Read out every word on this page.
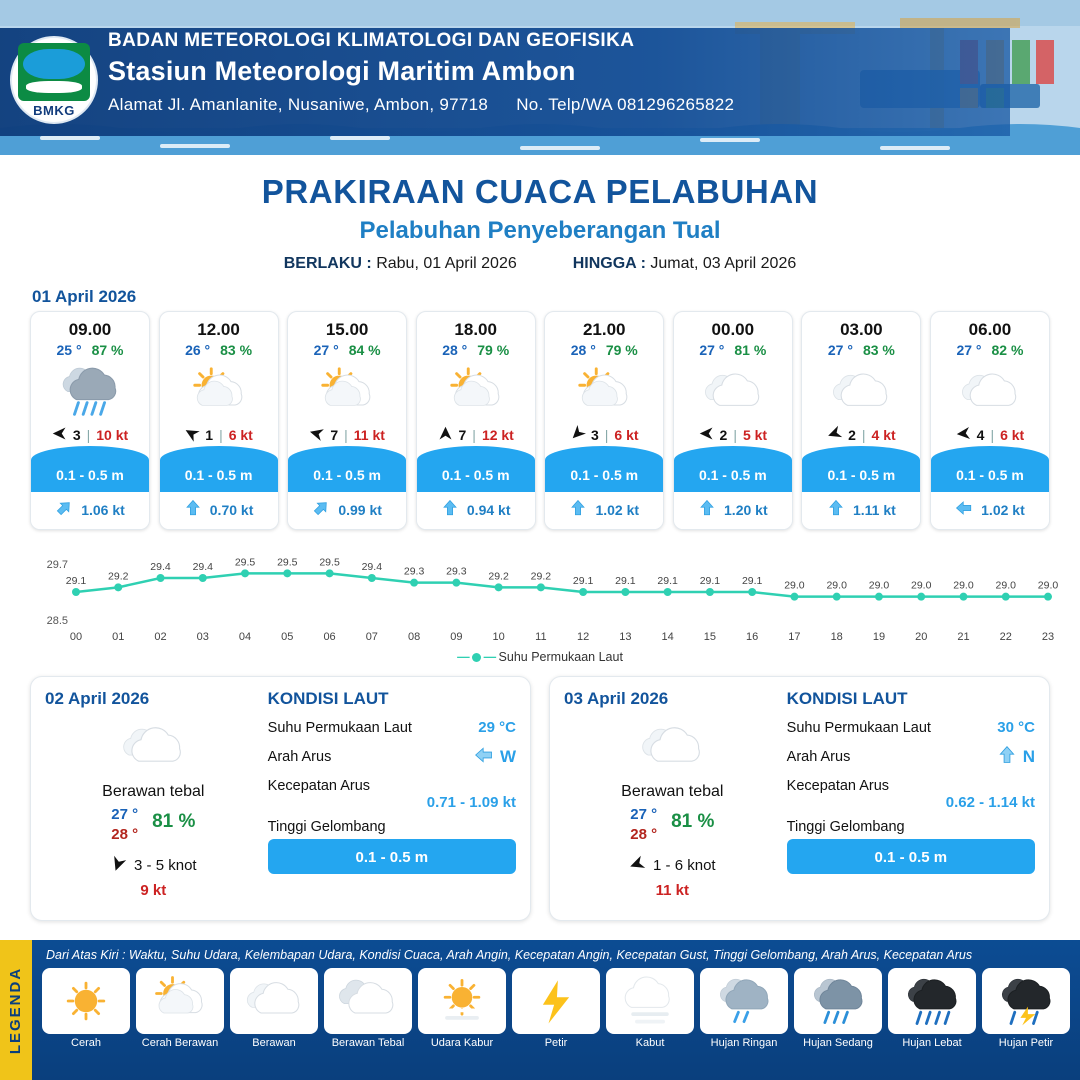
BMKG
BADAN METEOROLOGI KLIMATOLOGI DAN GEOFISIKA
Stasiun Meteorologi Maritim Ambon
Alamat Jl. Amanlanite, Nusaniwe, Ambon, 97718 No. Telp/WA 081296265822
PRAKIRAAN CUACA PELABUHAN
Pelabuhan Penyeberangan Tual
BERLAKU : Rabu, 01 April 2026	HINGGA : Jumat, 03 April 2026
01 April 2026
09.00
25 ° 87 %
3 | 10 kt
0.1 - 0.5 m
1.06 kt
12.00
26 ° 83 %
1 | 6 kt
0.1 - 0.5 m
0.70 kt
15.00
27 ° 84 %
7 | 11 kt
0.1 - 0.5 m
0.99 kt
18.00
28 ° 79 %
7 | 12 kt
0.1 - 0.5 m
0.94 kt
21.00
28 ° 79 %
3 | 6 kt
0.1 - 0.5 m
1.02 kt
00.00
27 ° 81 %
2 | 5 kt
0.1 - 0.5 m
1.20 kt
03.00
27 ° 83 %
2 | 4 kt
0.1 - 0.5 m
1.11 kt
06.00
27 ° 82 %
4 | 6 kt
0.1 - 0.5 m
1.02 kt
29.7
28.5
29.1
00
29.2
01
29.4
02
29.4
03
29.5
04
29.5
05
29.5
06
29.4
07
29.3
08
29.3
09
29.2
10
29.2
11
29.1
12
29.1
13
29.1
14
29.1
15
29.1
16
29.0
17
29.0
18
29.0
19
29.0
20
29.0
21
29.0
22
29.0
23
— — Suhu Permukaan Laut
02 April 2026
Berawan tebal
27 °
28 °
81 %
3 - 5 knot
9 kt
KONDISI LAUT
Suhu Permukaan Laut	29 °C
Arah Arus	W
Kecepatan Arus
0.71 - 1.09 kt
Tinggi Gelombang
0.1 - 0.5 m
03 April 2026
Berawan tebal
27 °
28 °
81 %
1 - 6 knot
11 kt
KONDISI LAUT
Suhu Permukaan Laut	30 °C
Arah Arus	N
Kecepatan Arus
0.62 - 1.14 kt
Tinggi Gelombang
0.1 - 0.5 m
LEGENDA
Dari Atas Kiri : Waktu, Suhu Udara, Kelembapan Udara, Kondisi Cuaca, Arah Angin, Kecepatan Angin, Kecepatan Gust, Tinggi Gelombang, Arah Arus, Kecepatan Arus
Cerah	Cerah Berawan	Berawan	Berawan Tebal	Udara Kabur	Petir	Kabut	Hujan Ringan	Hujan Sedang	Hujan Lebat	Hujan Petir
